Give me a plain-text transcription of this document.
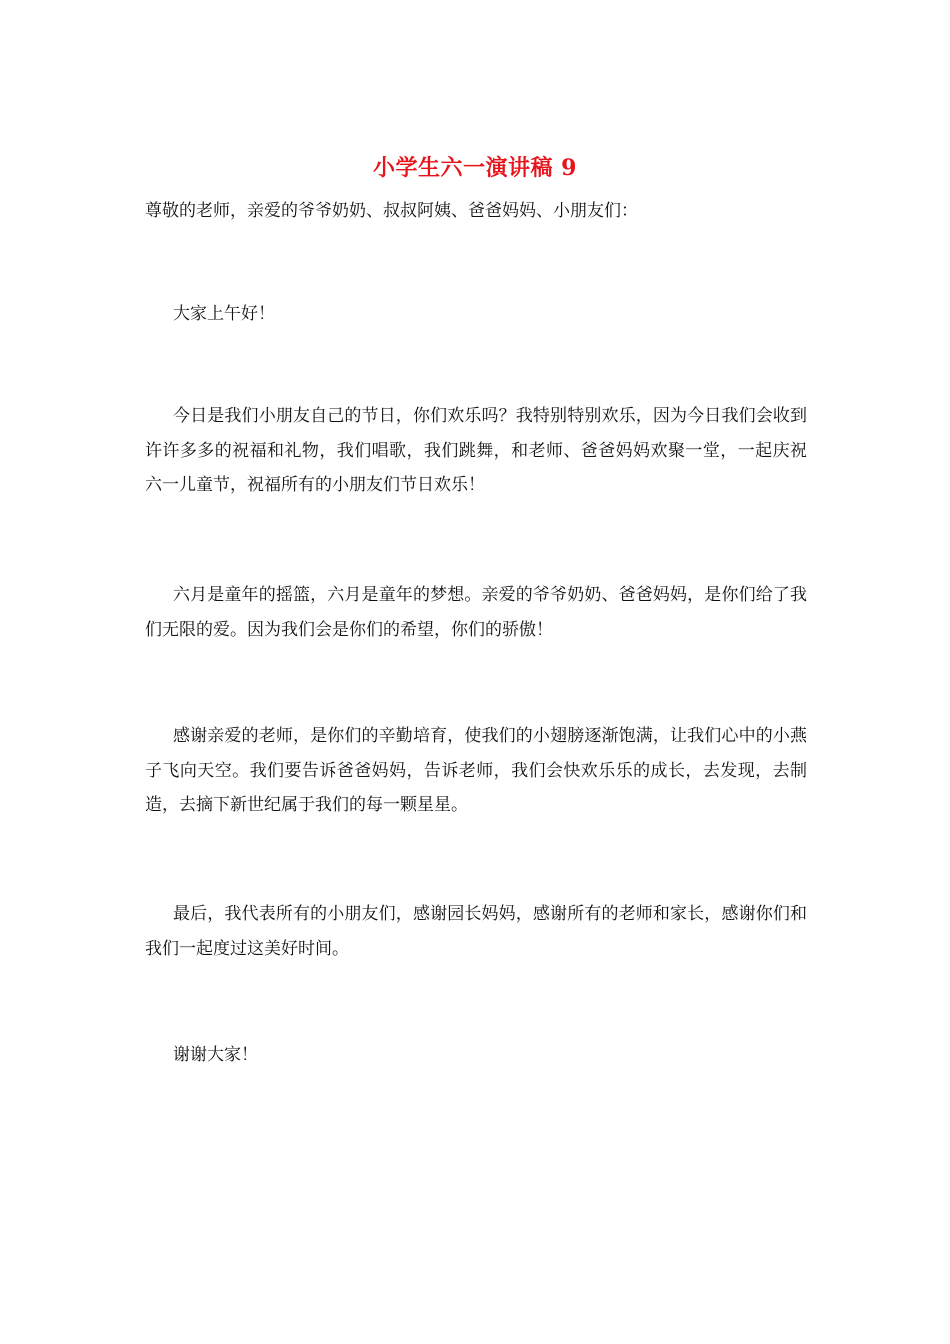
小学生六一演讲稿 9

尊敬的老师，亲爱的爷爷奶奶、叔叔阿姨、爸爸妈妈、小朋友们：

大家上午好！

今日是我们小朋友自己的节日，你们欢乐吗？我特别特别欢乐，因为今日我们会收到许许多多的祝福和礼物，我们唱歌，我们跳舞，和老师、爸爸妈妈欢聚一堂，一起庆祝六一儿童节，祝福所有的小朋友们节日欢乐！

六月是童年的摇篮，六月是童年的梦想。亲爱的爷爷奶奶、爸爸妈妈，是你们给了我们无限的爱。因为我们会是你们的希望，你们的骄傲！

感谢亲爱的老师，是你们的辛勤培育，使我们的小翅膀逐渐饱满，让我们心中的小燕子飞向天空。我们要告诉爸爸妈妈，告诉老师，我们会快欢乐乐的成长，去发现，去制造，去摘下新世纪属于我们的每一颗星星。

最后，我代表所有的小朋友们，感谢园长妈妈，感谢所有的老师和家长，感谢你们和我们一起度过这美好时间。

谢谢大家！
